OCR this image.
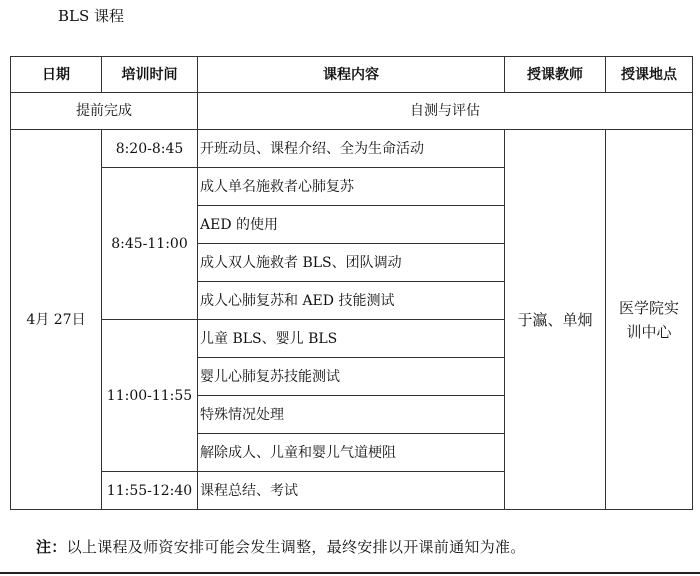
BLS 课程
日期	培训时间	课程内容	授课教师	授课地点
提前完成		自测与评估		
4月 27日	8:20-8:45	开班动员、课程介绍、全为生命活动	于瀛、单炯	医学院实训中心

	8:45-11:00	成人单名施救者心肺复苏		
		AED 的使用		
		成人双人施救者 BLS、团队调动		
		成人心肺复苏和 AED 技能测试		
	11:00-11:55	儿童 BLS、婴儿 BLS		
		婴儿心肺复苏技能测试		
		特殊情况处理		
		解除成人、儿童和婴儿气道梗阻		
	11:55-12:40	课程总结、考试		
注：以上课程及师资安排可能会发生调整，最终安排以开课前通知为准。
